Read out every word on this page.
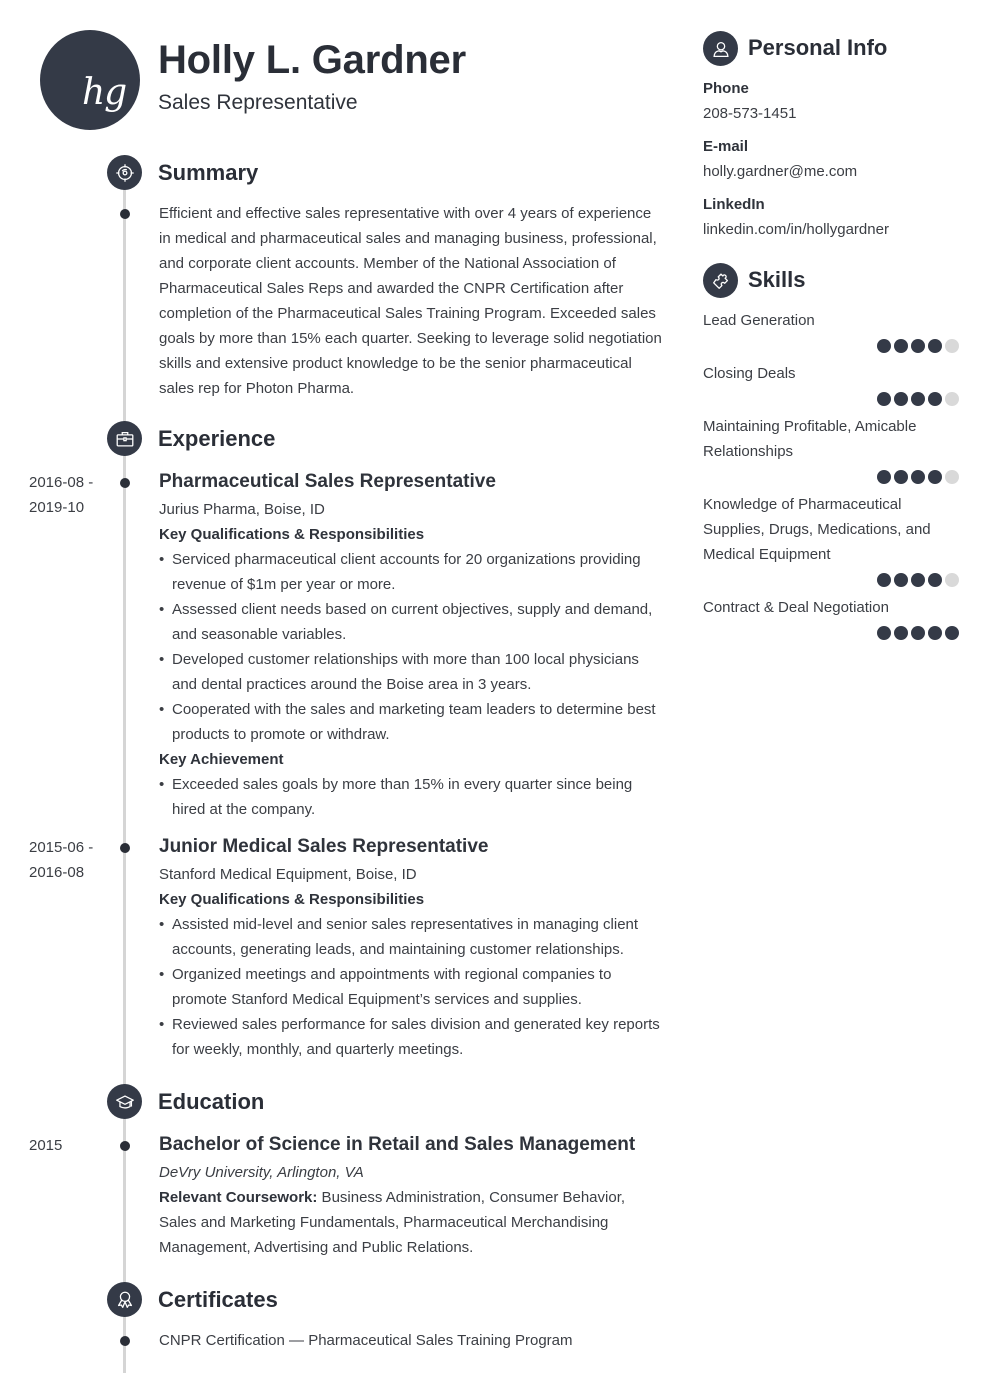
hg
Holly L. Gardner
Sales Representative
Summary
Efficient and effective sales representative with over 4 years of experience in medical and pharmaceutical sales and managing business, professional, and corporate client accounts. Member of the National Association of Pharmaceutical Sales Reps and awarded the CNPR Certification after completion of the Pharmaceutical Sales Training Program. Exceeded sales goals by more than 15% each quarter. Seeking to leverage solid negotiation skills and extensive product knowledge to be the senior pharmaceutical sales rep for Photon Pharma.
Experience
2016-08 -
2019-10
Pharmaceutical Sales Representative
Jurius Pharma, Boise, ID
Key Qualifications & Responsibilities
• Serviced pharmaceutical client accounts for 20 organizations providing revenue of $1m per year or more.
• Assessed client needs based on current objectives, supply and demand, and seasonable variables.
• Developed customer relationships with more than 100 local physicians and dental practices around the Boise area in 3 years.
• Cooperated with the sales and marketing team leaders to determine best products to promote or withdraw.
Key Achievement
• Exceeded sales goals by more than 15% in every quarter since being hired at the company.
2015-06 -
2016-08
Junior Medical Sales Representative
Stanford Medical Equipment, Boise, ID
Key Qualifications & Responsibilities
• Assisted mid-level and senior sales representatives in managing client accounts, generating leads, and maintaining customer relationships.
• Organized meetings and appointments with regional companies to promote Stanford Medical Equipment’s services and supplies.
• Reviewed sales performance for sales division and generated key reports for weekly, monthly, and quarterly meetings.
Education
2015	Bachelor of Science in Retail and Sales Management
DeVry University, Arlington, VA
Relevant Coursework: Business Administration, Consumer Behavior, Sales and Marketing Fundamentals, Pharmaceutical Merchandising Management, Advertising and Public Relations.
Certificates
CNPR Certification — Pharmaceutical Sales Training Program
Personal Info
Phone
208-573-1451
E-mail
holly.gardner@me.com
LinkedIn
linkedin.com/in/hollygardner
Skills
Lead Generation
Closing Deals
Maintaining Profitable, Amicable Relationships
Knowledge of Pharmaceutical Supplies, Drugs, Medications, and Medical Equipment
Contract & Deal Negotiation
